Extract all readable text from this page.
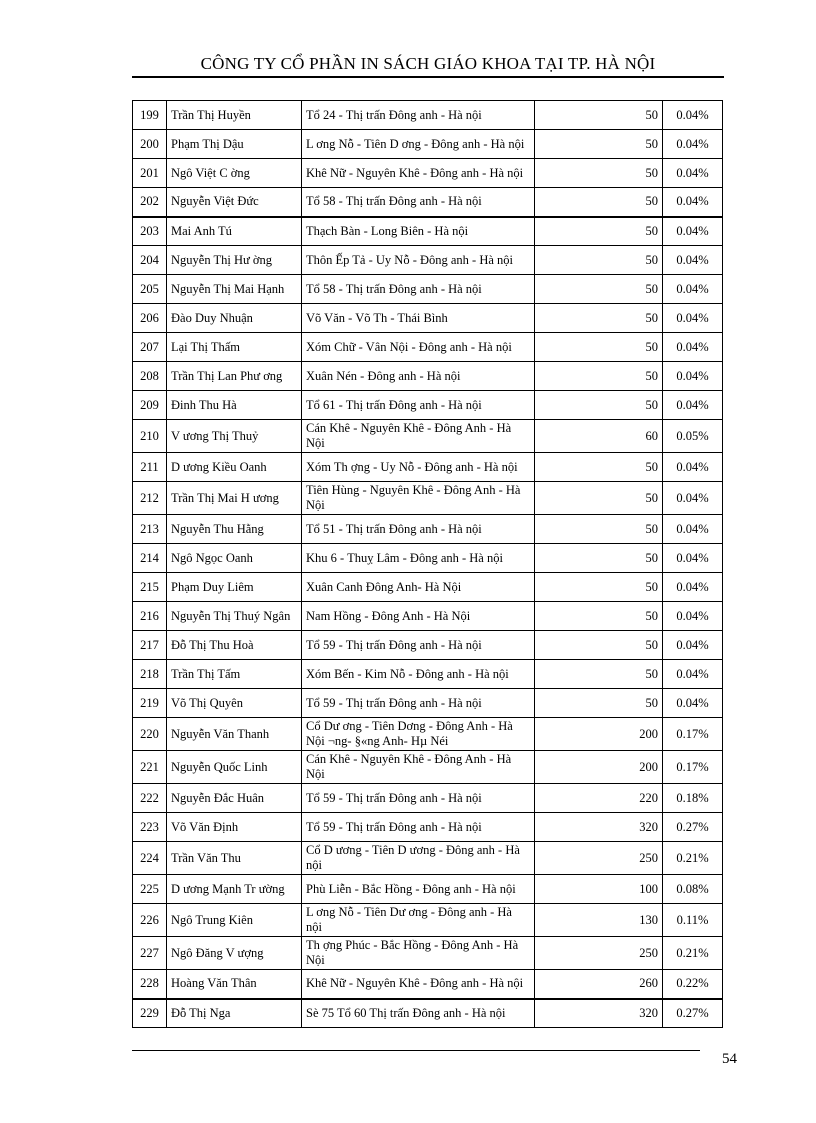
CÔNG TY CỔ PHẦN IN SÁCH GIÁO KHOA TẠI TP. HÀ NỘI
199	Trần Thị Huyền	Tổ 24 - Thị trấn Đông anh - Hà nội	50	0.04%
200	Phạm Thị Dậu	L ơng Nỗ - Tiên D ơng - Đông anh - Hà nội	50	0.04%
201	Ngô Việt C ờng	Khê Nữ - Nguyên Khê - Đông anh - Hà nội	50	0.04%
202	Nguyễn Việt Đức	Tổ 58 - Thị trấn Đông anh - Hà nội	50	0.04%
203	Mai Anh Tú	Thạch Bàn - Long Biên - Hà nội	50	0.04%
204	Nguyễn Thị Hư ờng	Thôn Ếp Tả - Uy Nỗ - Đông anh - Hà nội	50	0.04%
205	Nguyễn Thị Mai Hạnh	Tổ 58 - Thị trấn Đông anh - Hà nội	50	0.04%
206	Đào Duy Nhuận	Võ Văn - Võ Th - Thái Bình	50	0.04%
207	Lại Thị Thấm	Xóm Chữ - Vân Nội - Đông anh - Hà nội	50	0.04%
208	Trần Thị Lan Phư ơng	Xuân Nén - Đông anh - Hà nội	50	0.04%
209	Đinh Thu Hà	Tổ 61 - Thị trấn Đông anh - Hà nội	50	0.04%
210	V ương Thị Thuỷ	Cán Khê - Nguyên Khê - Đông Anh - Hà Nội	60	0.05%
211	D ương Kiều Oanh	Xóm Th ợng - Uy Nỗ - Đông anh - Hà nội	50	0.04%
212	Trần Thị Mai H ương	Tiên Hùng - Nguyên Khê - Đông Anh - Hà Nội	50	0.04%
213	Nguyễn Thu Hằng	Tổ 51 - Thị trấn Đông anh - Hà nội	50	0.04%
214	Ngô Ngọc Oanh	Khu 6 - Thuỵ Lâm - Đông anh - Hà nội	50	0.04%
215	Phạm Duy Liêm	Xuân Canh Đông Anh- Hà Nội	50	0.04%
216	Nguyễn Thị Thuý Ngân	Nam Hồng - Đông Anh - Hà Nội	50	0.04%
217	Đỗ Thị Thu Hoà	Tổ 59 - Thị trấn Đông anh - Hà nội	50	0.04%
218	Trần Thị Tấm	Xóm Bến - Kim Nỗ - Đông anh - Hà nội	50	0.04%
219	Võ Thị Quyên	Tổ 59 - Thị trấn Đông anh - Hà nội	50	0.04%
220	Nguyễn Văn Thanh	Cổ Dư ơng - Tiên Dơng - Đông Anh - Hà Nội ¬ng- §«ng Anh- Hµ Néi	200	0.17%
221	Nguyễn Quốc Linh	Cán Khê - Nguyên Khê - Đông Anh - Hà Nội	200	0.17%
222	Nguyễn Đắc Huân	Tổ 59 - Thị trấn Đông anh - Hà nội	220	0.18%
223	Võ Văn Định	Tổ 59 - Thị trấn Đông anh - Hà nội	320	0.27%
224	Trần Văn Thu	Cổ D ương - Tiên D ương - Đông anh - Hà nội	250	0.21%
225	D ương Mạnh Tr ường	Phù Liễn - Bắc Hồng - Đông anh - Hà nội	100	0.08%
226	Ngô Trung Kiên	L ơng Nỗ - Tiên Dư ơng - Đông anh - Hà nội	130	0.11%
227	Ngô Đăng V ượng	Th ợng Phúc - Bắc Hồng - Đông Anh - Hà Nội	250	0.21%
228	Hoàng Văn Thân	Khê Nữ - Nguyên Khê - Đông anh - Hà nội	260	0.22%
229	Đỗ Thị Nga	Sè 75 Tổ 60 Thị trấn Đông anh - Hà nội	320	0.27%
54
